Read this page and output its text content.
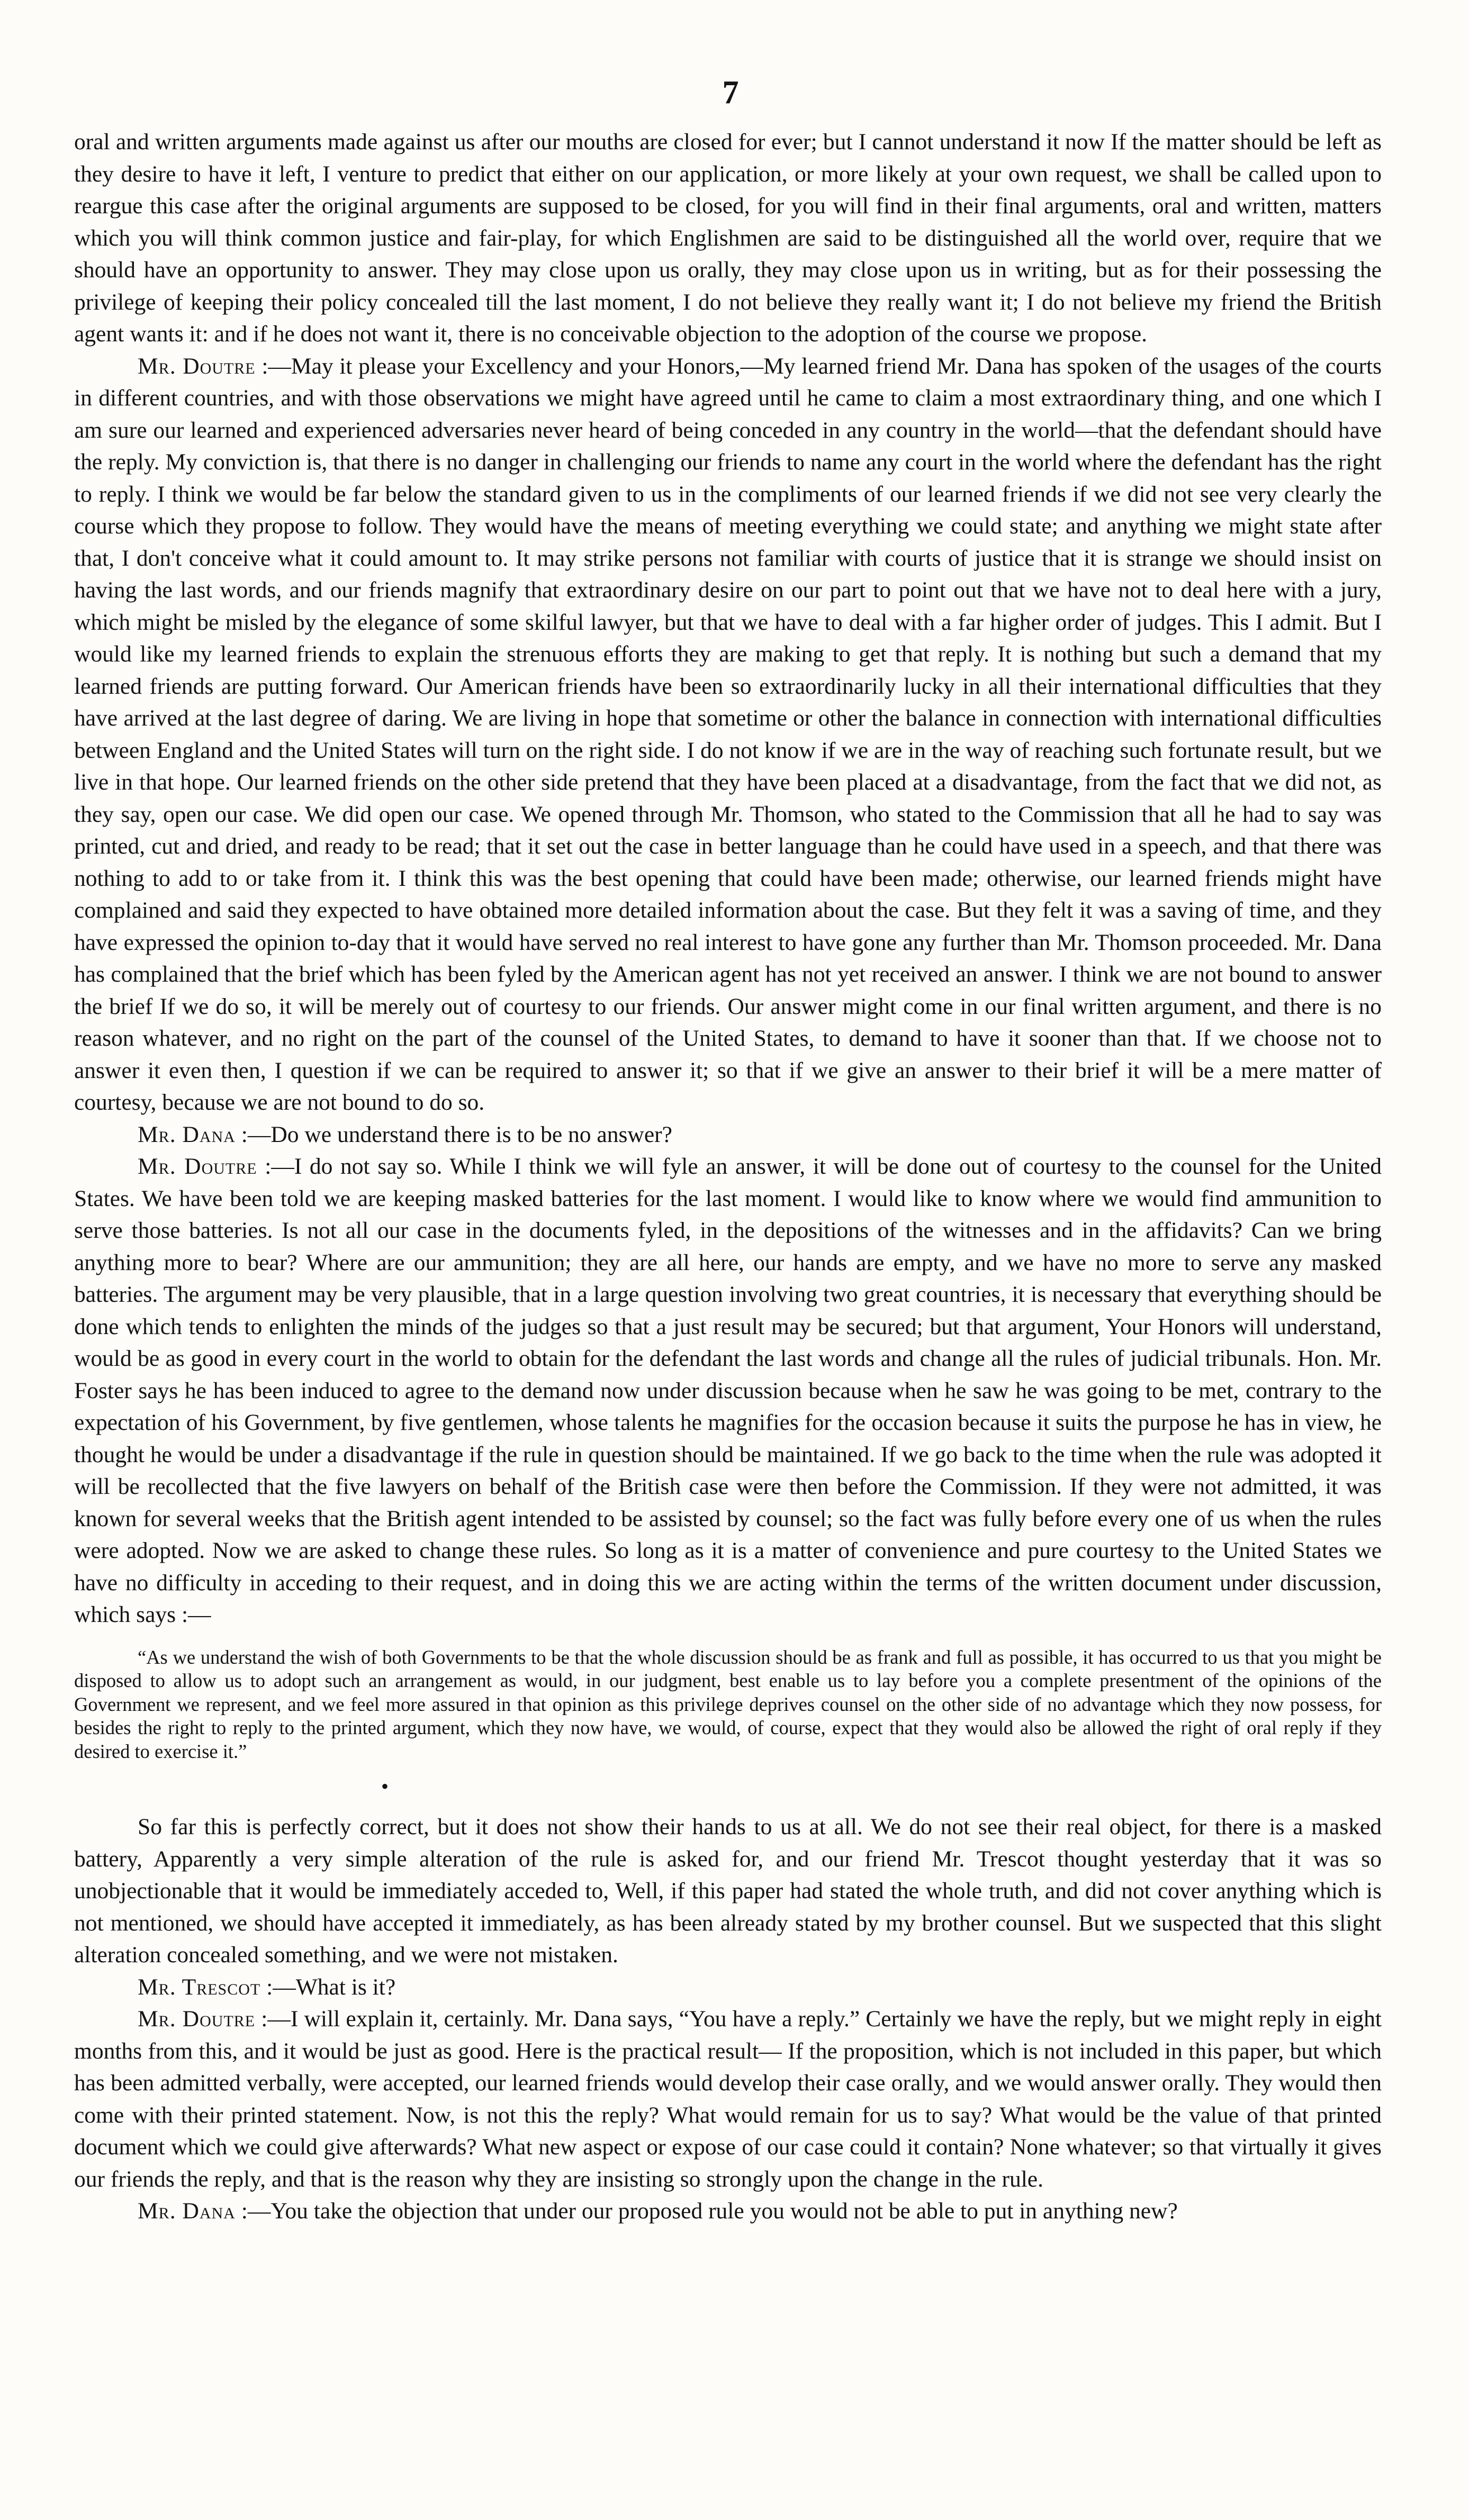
7

oral and written arguments made against us after our mouths are closed for ever; but I cannot understand it now If the matter should be left as they desire to have it left, I venture to predict that either on our application, or more likely at your own request, we shall be called upon to reargue this case after the original arguments are supposed to be closed, for you will find in their final arguments, oral and written, matters which you will think common justice and fair-play, for which Englishmen are said to be distinguished all the world over, require that we should have an opportunity to answer. They may close upon us orally, they may close upon us in writing, but as for their possessing the privilege of keeping their policy concealed till the last moment, I do not believe they really want it; I do not believe my friend the British agent wants it: and if he does not want it, there is no conceivable objection to the adoption of the course we propose.

Mr. Doutre :—May it please your Excellency and your Honors,—My learned friend Mr. Dana has spoken of the usages of the courts in different countries, and with those observations we might have agreed until he came to claim a most extraordinary thing, and one which I am sure our learned and experienced adversaries never heard of being conceded in any country in the world—that the defendant should have the reply. My conviction is, that there is no danger in challenging our friends to name any court in the world where the defendant has the right to reply. I think we would be far below the standard given to us in the compliments of our learned friends if we did not see very clearly the course which they propose to follow. They would have the means of meeting everything we could state; and anything we might state after that, I don't conceive what it could amount to. It may strike persons not familiar with courts of justice that it is strange we should insist on having the last words, and our friends magnify that extraordinary desire on our part to point out that we have not to deal here with a jury, which might be misled by the elegance of some skilful lawyer, but that we have to deal with a far higher order of judges. This I admit. But I would like my learned friends to explain the strenuous efforts they are making to get that reply. It is nothing but such a demand that my learned friends are putting forward. Our American friends have been so extraordinarily lucky in all their international difficulties that they have arrived at the last degree of daring. We are living in hope that sometime or other the balance in connection with international difficulties between England and the United States will turn on the right side. I do not know if we are in the way of reaching such fortunate result, but we live in that hope. Our learned friends on the other side pretend that they have been placed at a disadvantage, from the fact that we did not, as they say, open our case. We did open our case. We opened through Mr. Thomson, who stated to the Commission that all he had to say was printed, cut and dried, and ready to be read; that it set out the case in better language than he could have used in a speech, and that there was nothing to add to or take from it. I think this was the best opening that could have been made; otherwise, our learned friends might have complained and said they expected to have obtained more detailed information about the case. But they felt it was a saving of time, and they have expressed the opinion to-day that it would have served no real interest to have gone any further than Mr. Thomson proceeded. Mr. Dana has complained that the brief which has been fyled by the American agent has not yet received an answer. I think we are not bound to answer the brief If we do so, it will be merely out of courtesy to our friends. Our answer might come in our final written argument, and there is no reason whatever, and no right on the part of the counsel of the United States, to demand to have it sooner than that. If we choose not to answer it even then, I question if we can be required to answer it; so that if we give an answer to their brief it will be a mere matter of courtesy, because we are not bound to do so.

Mr. Dana :—Do we understand there is to be no answer?

Mr. Doutre :—I do not say so. While I think we will fyle an answer, it will be done out of courtesy to the counsel for the United States. We have been told we are keeping masked batteries for the last moment. I would like to know where we would find ammunition to serve those batteries. Is not all our case in the documents fyled, in the depositions of the witnesses and in the affidavits? Can we bring anything more to bear? Where are our ammunition; they are all here, our hands are empty, and we have no more to serve any masked batteries. The argument may be very plausible, that in a large question involving two great countries, it is necessary that everything should be done which tends to enlighten the minds of the judges so that a just result may be secured; but that argument, Your Honors will understand, would be as good in every court in the world to obtain for the defendant the last words and change all the rules of judicial tribunals. Hon. Mr. Foster says he has been induced to agree to the demand now under discussion because when he saw he was going to be met, contrary to the expectation of his Government, by five gentlemen, whose talents he magnifies for the occasion because it suits the purpose he has in view, he thought he would be under a disadvantage if the rule in question should be maintained. If we go back to the time when the rule was adopted it will be recollected that the five lawyers on behalf of the British case were then before the Commission. If they were not admitted, it was known for several weeks that the British agent intended to be assisted by counsel; so the fact was fully before every one of us when the rules were adopted. Now we are asked to change these rules. So long as it is a matter of convenience and pure courtesy to the United States we have no difficulty in acceding to their request, and in doing this we are acting within the terms of the written document under discussion, which says :—

“As we understand the wish of both Governments to be that the whole discussion should be as frank and full as possible, it has occurred to us that you might be disposed to allow us to adopt such an arrangement as would, in our judgment, best enable us to lay before you a complete presentment of the opinions of the Government we represent, and we feel more assured in that opinion as this privilege deprives counsel on the other side of no advantage which they now possess, for besides the right to reply to the printed argument, which they now have, we would, of course, expect that they would also be allowed the right of oral reply if they desired to exercise it.”

•

So far this is perfectly correct, but it does not show their hands to us at all. We do not see their real object, for there is a masked battery, Apparently a very simple alteration of the rule is asked for, and our friend Mr. Trescot thought yesterday that it was so unobjectionable that it would be immediately acceded to, Well, if this paper had stated the whole truth, and did not cover anything which is not mentioned, we should have accepted it immediately, as has been already stated by my brother counsel. But we suspected that this slight alteration concealed something, and we were not mistaken.

Mr. Trescot :—What is it?

Mr. Doutre :—I will explain it, certainly. Mr. Dana says, “You have a reply.” Certainly we have the reply, but we might reply in eight months from this, and it would be just as good. Here is the practical result— If the proposition, which is not included in this paper, but which has been admitted verbally, were accepted, our learned friends would develop their case orally, and we would answer orally. They would then come with their printed statement. Now, is not this the reply? What would remain for us to say? What would be the value of that printed document which we could give afterwards? What new aspect or expose of our case could it contain? None whatever; so that virtually it gives our friends the reply, and that is the reason why they are insisting so strongly upon the change in the rule.

Mr. Dana :—You take the objection that under our proposed rule you would not be able to put in anything new?
